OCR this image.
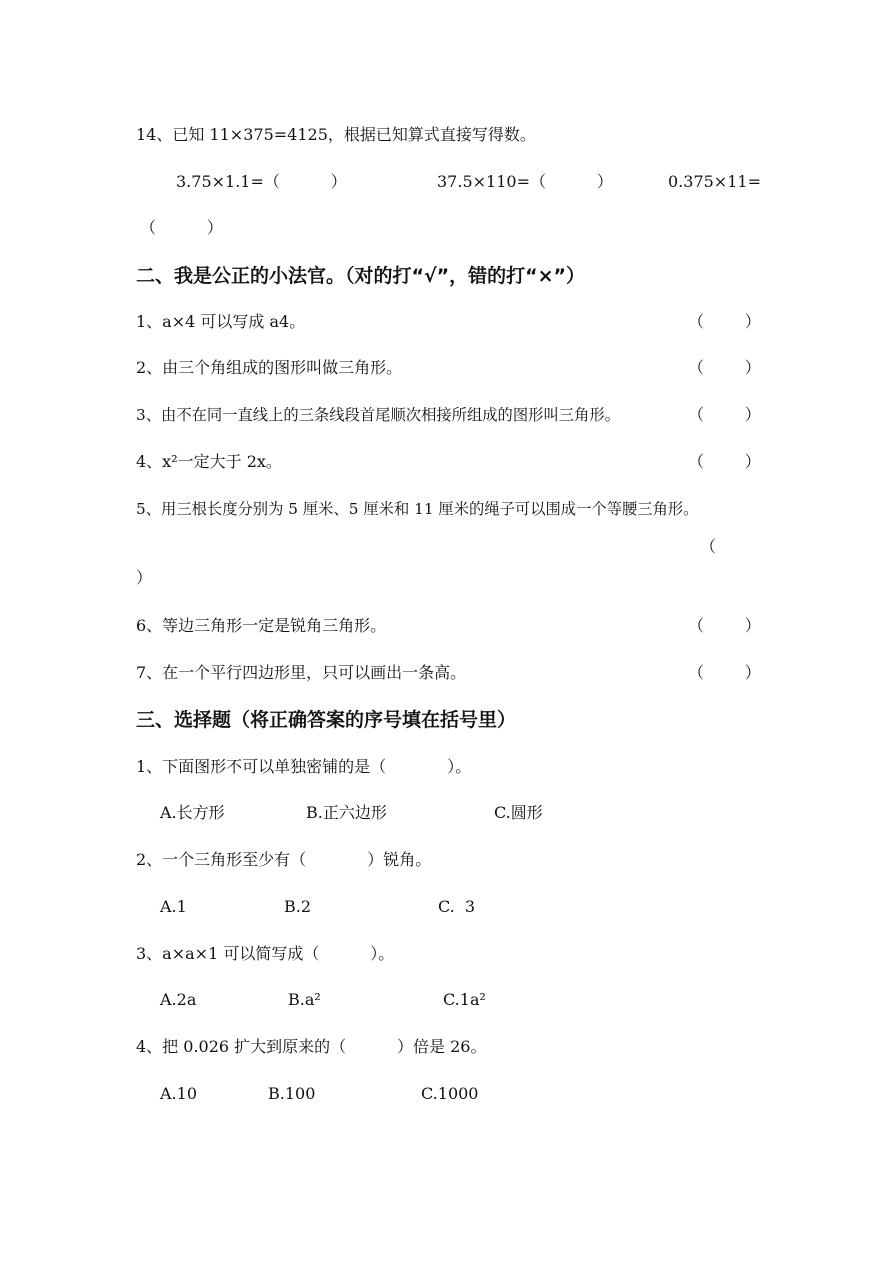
14、已知 11×375=4125，根据已知算式直接写得数。
3.75×1.1=（          ）	37.5×110=（          ）	0.375×11=
（          ）
二、我是公正的小法官。（对的打“√”，错的打“×”）
1、a×4 可以写成 a4。	（        ）
2、由三个角组成的图形叫做三角形。	（        ）
3、由不在同一直线上的三条线段首尾顺次相接所组成的图形叫三角形。	（        ）
4、x²一定大于 2x。	（        ）
5、用三根长度分别为 5 厘米、5 厘米和 11 厘米的绳子可以围成一个等腰三角形。
（
）
6、等边三角形一定是锐角三角形。	（        ）
7、在一个平行四边形里，只可以画出一条高。	（        ）
三、选择题（将正确答案的序号填在括号里）
1、下面图形不可以单独密铺的是（            ）。
A.长方形	B.正六边形	C.圆形
2、一个三角形至少有（            ）锐角。
A.1	B.2	C.  3
3、a×a×1 可以简写成（          ）。
A.2a	B.a²	C.1a²
4、把 0.026 扩大到原来的（          ）倍是 26。
A.10	B.100	C.1000
